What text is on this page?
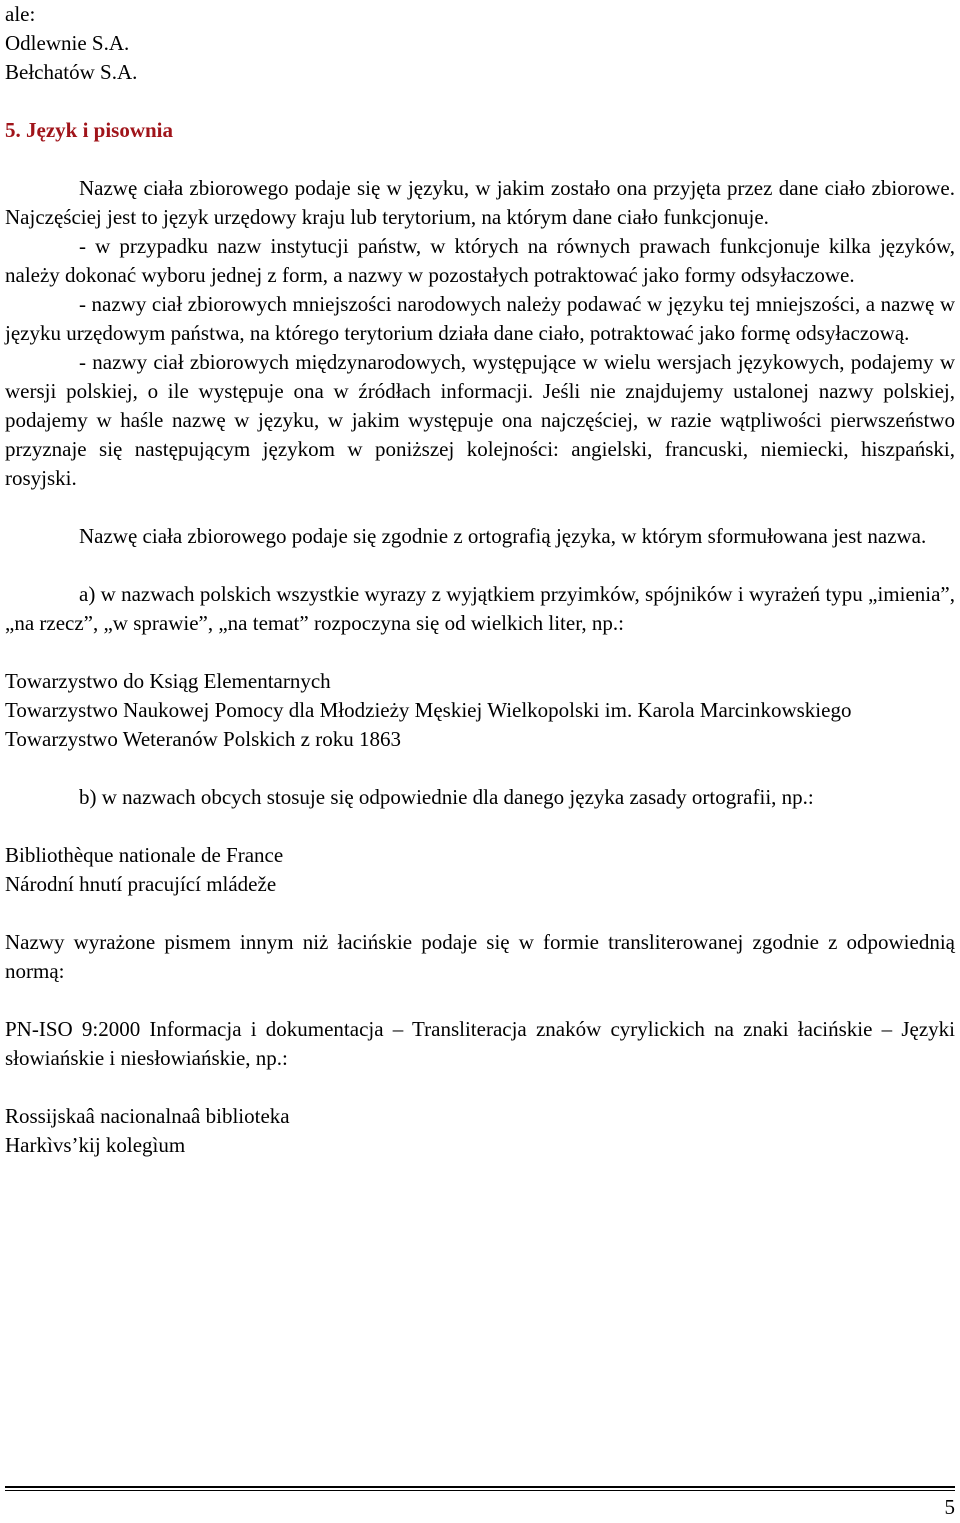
ale:

Odlewnie S.A.

Bełchatów S.A.

5. Język i pisownia

Nazwę ciała zbiorowego podaje się w języku, w jakim zostało ona przyjęta przez dane ciało zbiorowe. Najczęściej jest to język urzędowy kraju lub terytorium, na którym dane ciało funkcjonuje.

- w przypadku nazw instytucji państw, w których na równych prawach funkcjonuje kilka języków, należy dokonać wyboru jednej z form, a nazwy w pozostałych potraktować jako formy odsyłaczowe.

- nazwy ciał zbiorowych mniejszości narodowych należy podawać w języku tej mniejszości, a nazwę w języku urzędowym państwa, na którego terytorium działa dane ciało, potraktować jako formę odsyłaczową.

- nazwy ciał zbiorowych międzynarodowych, występujące w wielu wersjach językowych, podajemy w wersji polskiej, o ile występuje ona w źródłach informacji. Jeśli nie znajdujemy ustalonej nazwy polskiej, podajemy w haśle nazwę w języku, w jakim występuje ona najczęściej, w razie wątpliwości pierwszeństwo przyznaje się następującym językom w poniższej kolejności: angielski, francuski, niemiecki, hiszpański, rosyjski.

Nazwę ciała zbiorowego podaje się zgodnie z ortografią języka, w którym sformułowana jest nazwa.

a) w nazwach polskich wszystkie wyrazy z wyjątkiem przyimków, spójników i wyrażeń typu „imienia”, „na rzecz”, „w sprawie”, „na temat” rozpoczyna się od wielkich liter, np.:

Towarzystwo do Ksiąg Elementarnych

Towarzystwo Naukowej Pomocy dla Młodzieży Męskiej Wielkopolski im. Karola Marcinkowskiego

Towarzystwo Weteranów Polskich z roku 1863

b) w nazwach obcych stosuje się odpowiednie dla danego języka zasady ortografii, np.:

Bibliothèque nationale de France

Národní hnutí pracující mládeže

Nazwy wyrażone pismem innym niż łacińskie podaje się w formie transliterowanej zgodnie z odpowiednią normą:

PN-ISO 9:2000 Informacja i dokumentacja – Transliteracja znaków cyrylickich na znaki łacińskie – Języki słowiańskie i niesłowiańskie, np.:

Rossijskaâ nacionalnaâ biblioteka

Harkìvs’kij kolegìum

5
